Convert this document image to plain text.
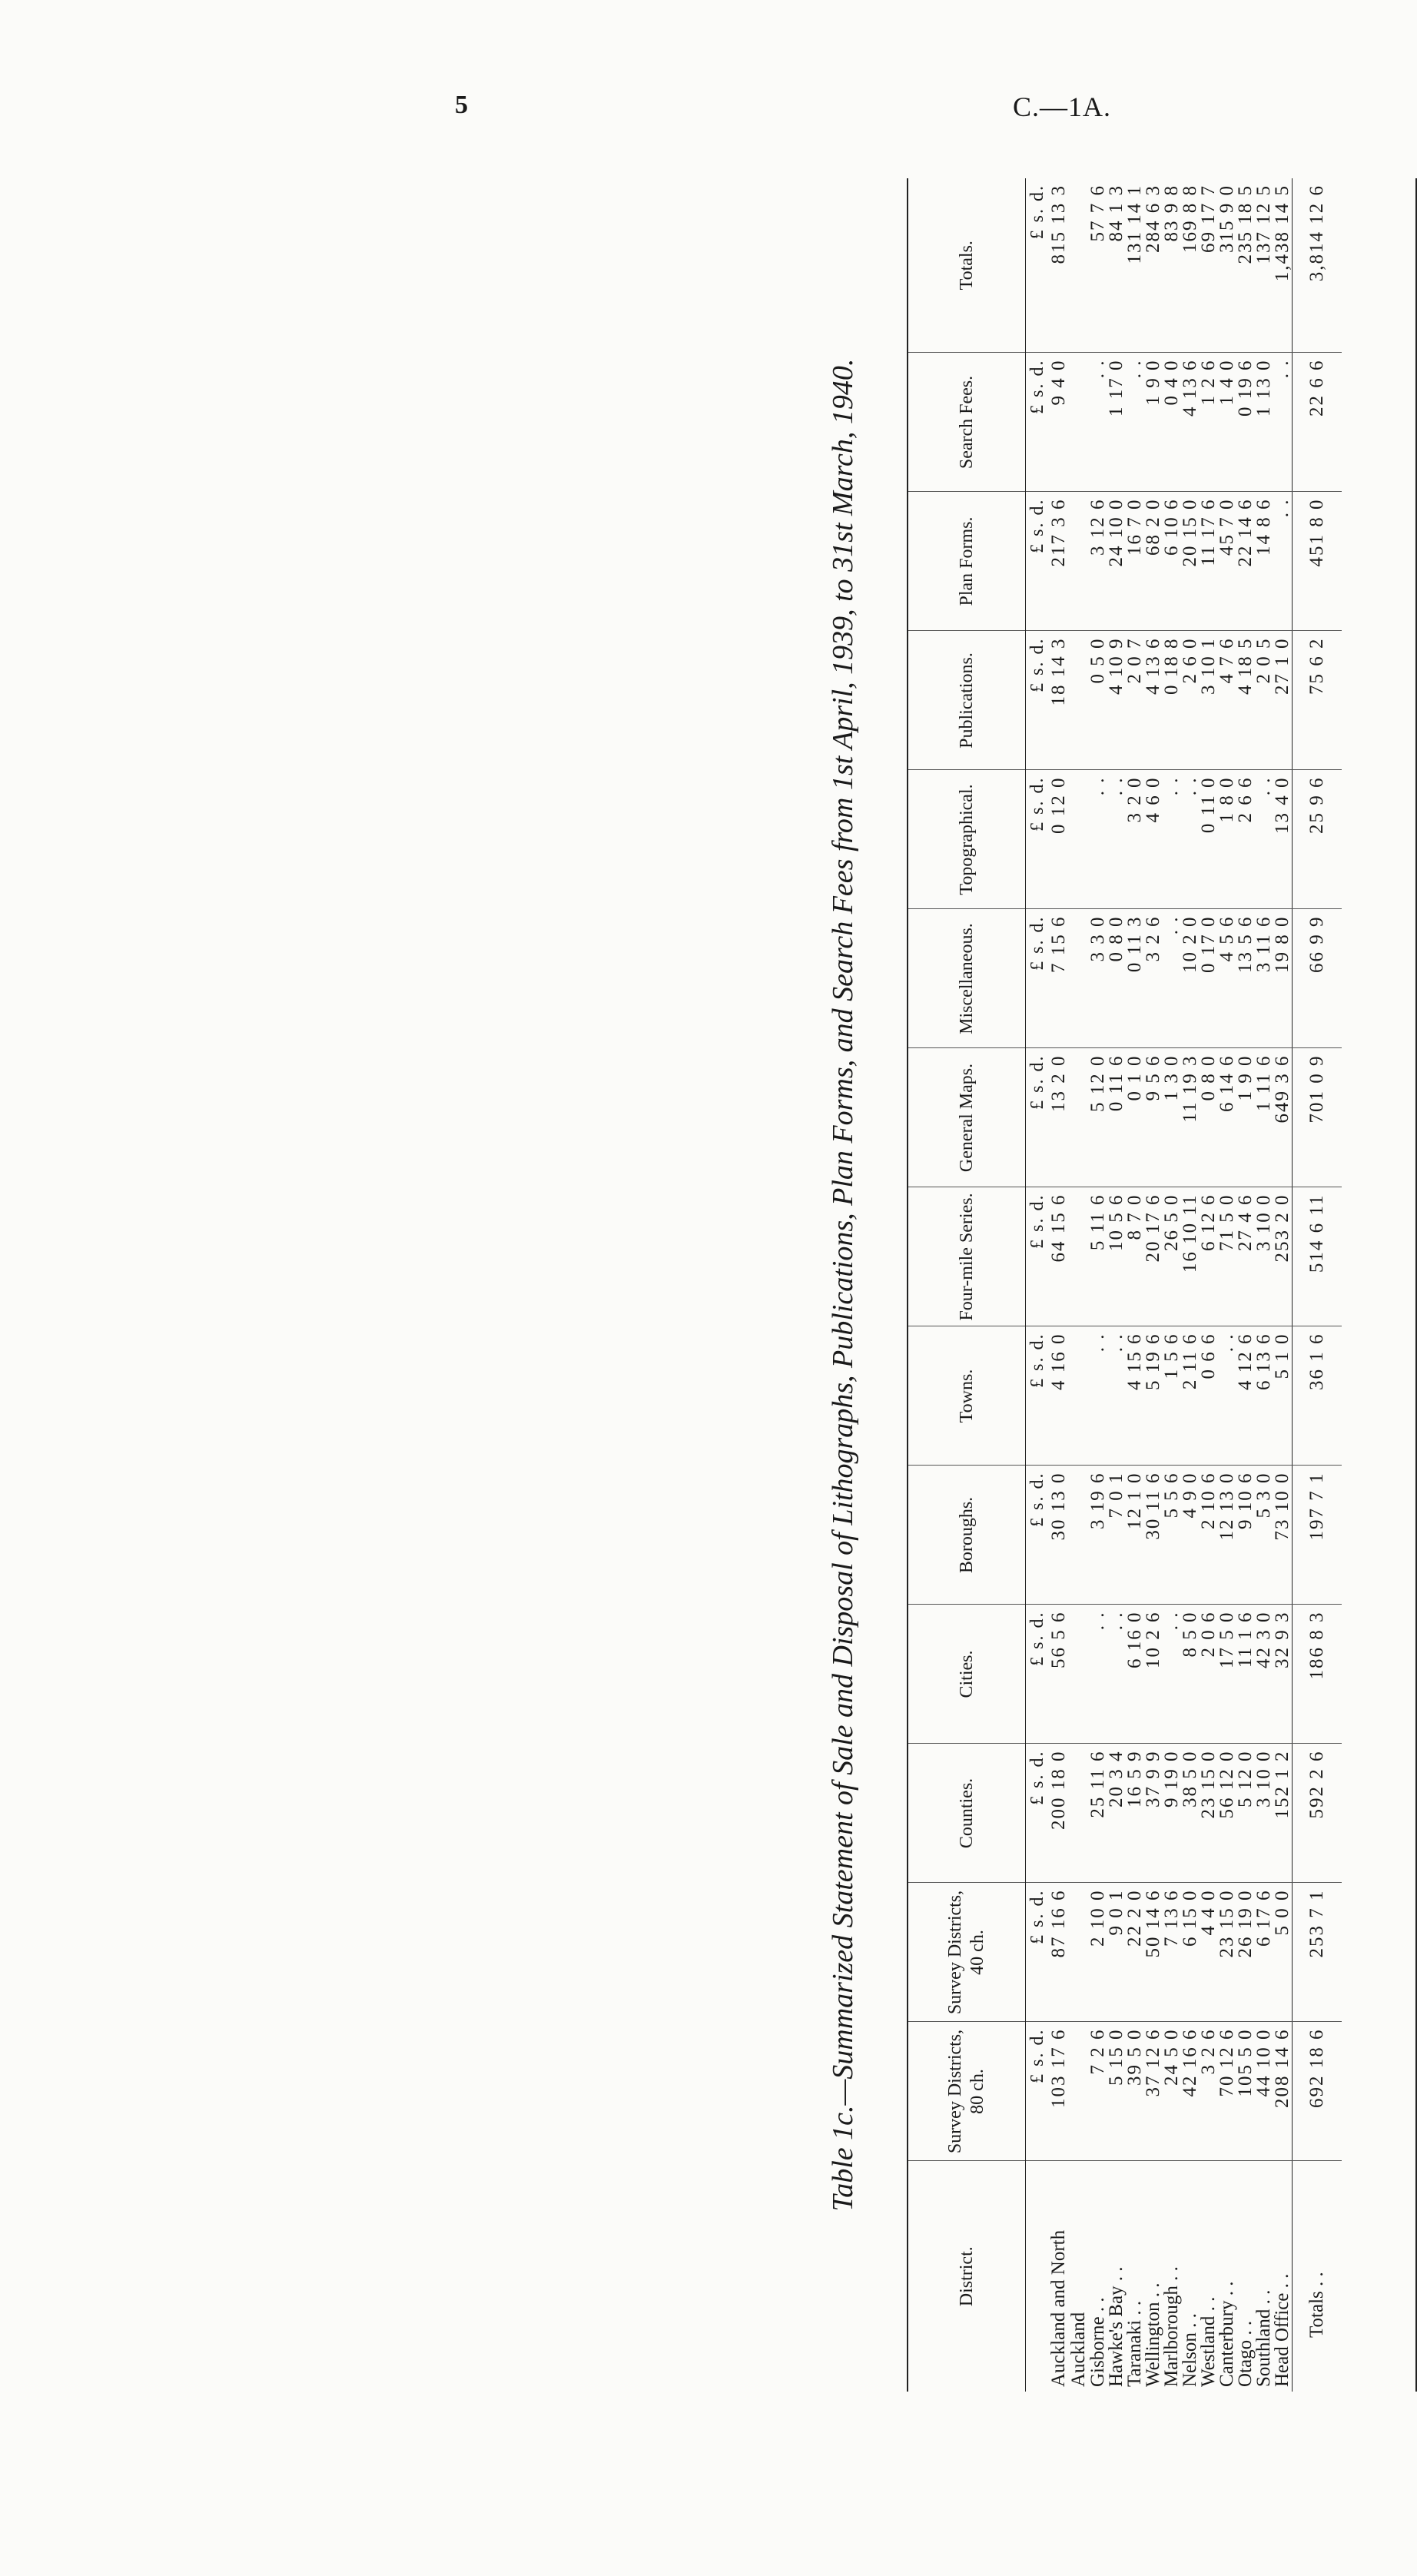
5	C.—1A.
Table 1c.—Summarized Statement of Sale and Disposal of Lithographs, Publications, Plan Forms, and Search Fees from 1st April, 1939, to 31st March, 1940.
District.	Survey Districts, 80 ch.	Survey Districts, 40 ch.	Counties.	Cities.	Boroughs.	Towns.	Four-mile Series.	General Maps.	Miscellaneous.	Topographical.	Publications.	Plan Forms.	Search Fees.	Totals.
	£ s. d.	£ s. d.	£ s. d.	£ s. d.	£ s. d.	£ s. d.	£ s. d.	£ s. d.	£ s. d.	£ s. d.	£ s. d.	£ s. d.	£ s. d.	£ s. d.
Auckland and North Auckland	103 17 6	87 16 6	200 18 0	56 5 6	30 13 0	4 16 0	64 15 6	13 2 0	7 15 6	0 12 0	18 14 3	217 3 6	9 4 0	815 13 3
Gisborne . .	7 2 6	2 10 0	25 11 6	. .	3 19 6	. .	5 11 6	5 12 0	3 3 0	. .	0 5 0	3 12 6	. .	57 7 6
Hawke's Bay . .	5 15 0	9 0 1	20 3 4	. .	7 0 1	. .	10 5 6	0 11 6	0 8 0	. .	4 10 9	24 10 0	1 17 0	84 1 3
Taranaki . .	39 5 0	22 2 0	16 5 9	6 16 0	12 1 0	4 15 6	8 7 0	0 1 0	0 11 3	3 2 0	2 0 7	16 7 0	. .	131 14 1
Wellington . .	37 12 6	50 14 6	37 9 9	10 2 6	30 11 6	5 19 6	20 17 6	9 5 6	3 2 6	4 6 0	4 13 6	68 2 0	1 9 0	284 6 3
Marlborough . .	24 5 0	7 13 6	9 19 0	. .	5 5 6	1 5 6	26 5 0	1 3 0	. .	. .	0 18 8	6 10 6	0 4 0	83 9 8
Nelson . .	42 16 6	6 15 0	38 5 0	8 5 0	4 9 0	2 11 6	16 10 11	11 19 3	10 2 0	. .	2 6 0	20 15 0	4 13 6	169 8 8
Westland . .	3 2 6	4 4 0	23 15 0	2 0 6	2 10 6	0 6 6	6 12 6	0 8 0	0 17 0	0 11 0	3 10 1	11 17 6	1 2 6	69 17 7
Canterbury . .	70 12 6	23 15 0	56 12 0	17 5 0	12 13 0	. .	71 5 0	6 14 6	4 5 6	1 8 0	4 7 6	45 7 0	1 4 0	315 9 0
Otago . .	105 5 0	26 19 0	5 12 0	11 1 6	9 10 6	4 12 6	27 4 6	1 9 0	13 5 6	2 6 6	4 18 5	22 14 6	0 19 6	235 18 5
Southland . .	44 10 0	6 17 6	3 10 0	42 3 0	5 3 0	6 13 6	3 10 0	1 11 6	3 11 6	. .	2 0 5	14 8 6	1 13 0	137 12 5
Head Office . .	208 14 6	5 0 0	152 1 2	32 9 3	73 10 0	5 1 0	253 2 0	649 3 6	19 8 0	13 4 0	27 1 0	. .	. .	1,438 14 5
Totals . .	692 18 6	253 7 1	592 2 6	186 8 3	197 7 1	36 1 6	514 6 11	701 0 9	66 9 9	25 9 6	75 6 2	451 8 0	22 6 6	3,814 12 6
